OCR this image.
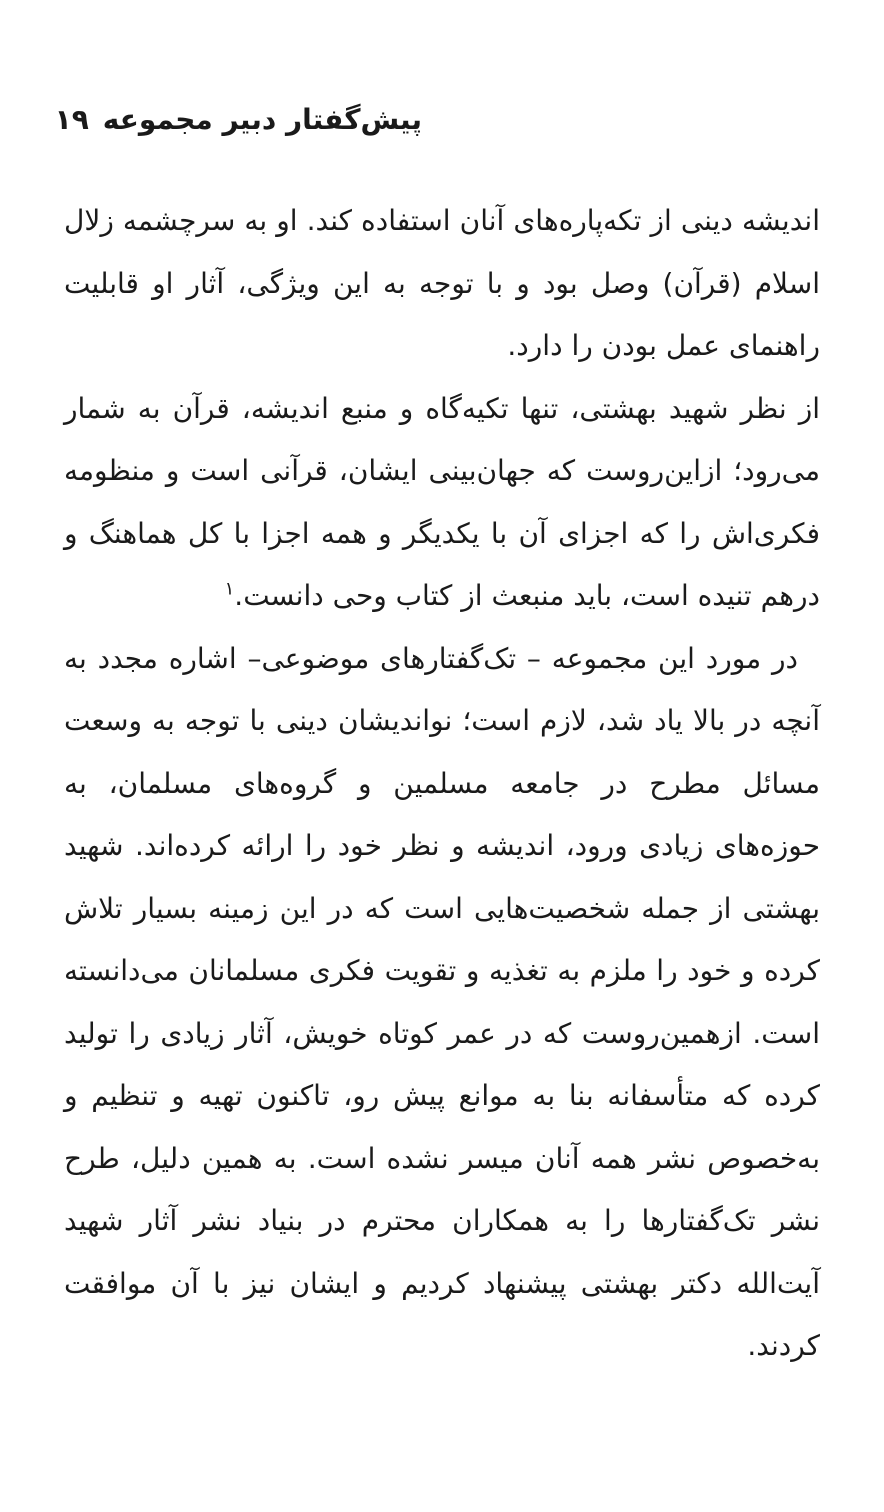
پیش‌گفتار دبیر مجموعه۱۹

اندیشه دینی از تکه‌پاره‌های آنان استفاده کند. او به سرچشمه زلال اسلام (قرآن) وصل بود و با توجه به این ویژگی، آثار او قابلیت راهنمای عمل بودن را دارد.

از نظر شهید بهشتی، تنها تکیه‌گاه و منبع اندیشه، قرآن به شمار می‌رود؛ ازاین‌روست که جهان‌بینی ایشان، قرآنی است و منظومه فکری‌اش را که اجزای آن با یکدیگر و همه اجزا با کل هماهنگ و درهم تنیده است، باید منبعث از کتاب وحی دانست.$^۱$

در مورد این مجموعه – تک‌گفتارهای موضوعی– اشاره مجدد به آنچه در بالا یاد شد، لازم است؛ نواندیشان دینی با توجه به وسعت مسائل مطرح در جامعه مسلمین و گروه‌های مسلمان، به حوزه‌های زیادی ورود، اندیشه و نظر خود را ارائه کرده‌اند. شهید بهشتی از جمله شخصیت‌هایی است که در این زمینه بسیار تلاش کرده و خود را ملزم به تغذیه و تقویت فکری مسلمانان می‌دانسته است. ازهمین‌روست که در عمر کوتاه خویش، آثار زیادی را تولید کرده که متأسفانه بنا به موانع پیش رو، تاکنون تهیه و تنظیم و به‌خصوص نشر همه آنان میسر نشده است. به همین دلیل، طرح نشر تک‌گفتارها را به همکاران محترم در بنیاد نشر آثار شهید آیت‌الله دکتر بهشتی پیشنهاد کردیم و ایشان نیز با آن موافقت کردند.
